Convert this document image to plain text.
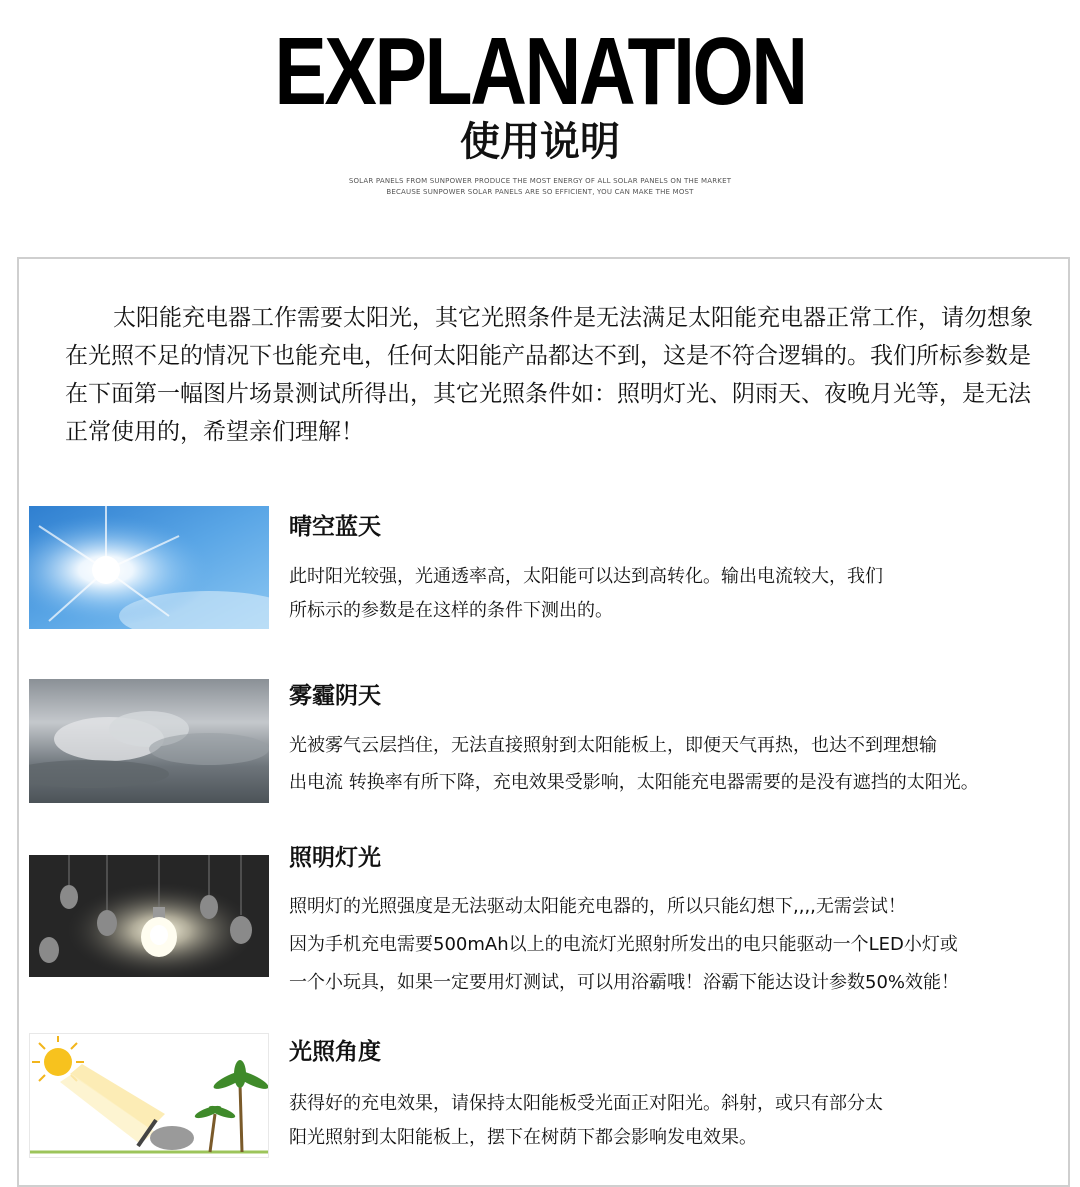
EXPLANATION
使用说明
SOLAR PANELS FROM SUNPOWER PRODUCE THE MOST ENERGY OF ALL SOLAR PANELS ON THE MARKET
BECAUSE SUNPOWER SOLAR PANELS ARE SO EFFICIENT, YOU CAN MAKE THE MOST

太阳能充电器工作需要太阳光，其它光照条件是无法满足太阳能充电器正常工作，请勿想象在光照不足的情况下也能充电，任何太阳能产品都达不到，这是不符合逻辑的。我们所标参数是在下面第一幅图片场景测试所得出，其它光照条件如：照明灯光、阴雨天、夜晚月光等，是无法正常使用的，希望亲们理解！

晴空蓝天
此时阳光较强，光通透率高，太阳能可以达到高转化。输出电流较大，我们
所标示的参数是在这样的条件下测出的。
雾霾阴天
光被雾气云层挡住，无法直接照射到太阳能板上，即便天气再热，也达不到理想输
出电流 转换率有所下降，充电效果受影响，太阳能充电器需要的是没有遮挡的太阳光。
照明灯光
照明灯的光照强度是无法驱动太阳能充电器的，所以只能幻想下,,,,无需尝试！
因为手机充电需要500mAh以上的电流灯光照射所发出的电只能驱动一个LED小灯或
一个小玩具，如果一定要用灯测试，可以用浴霸哦！浴霸下能达设计参数50%效能！
光照角度
获得好的充电效果，请保持太阳能板受光面正对阳光。斜射，或只有部分太
阳光照射到太阳能板上，摆下在树荫下都会影响发电效果。
